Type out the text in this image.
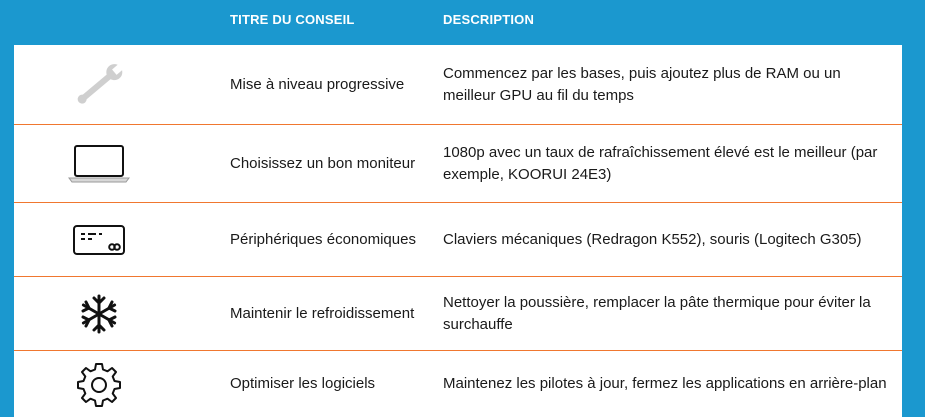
TITRE DU CONSEIL	DESCRIPTION
Mise à niveau progressive
Commencez par les bases, puis ajoutez plus de RAM ou un meilleur GPU au fil du temps
Choisissez un bon moniteur
1080p avec un taux de rafraîchissement élevé est le meilleur (par exemple, KOORUI 24E3)
Périphériques économiques Claviers mécaniques (Redragon K552), souris (Logitech G305)
Maintenir le refroidissement
Nettoyer la poussière, remplacer la pâte thermique pour éviter la surchauffe
Optimiser les logiciels	Maintenez les pilotes à jour, fermez les applications en arrière-plan
